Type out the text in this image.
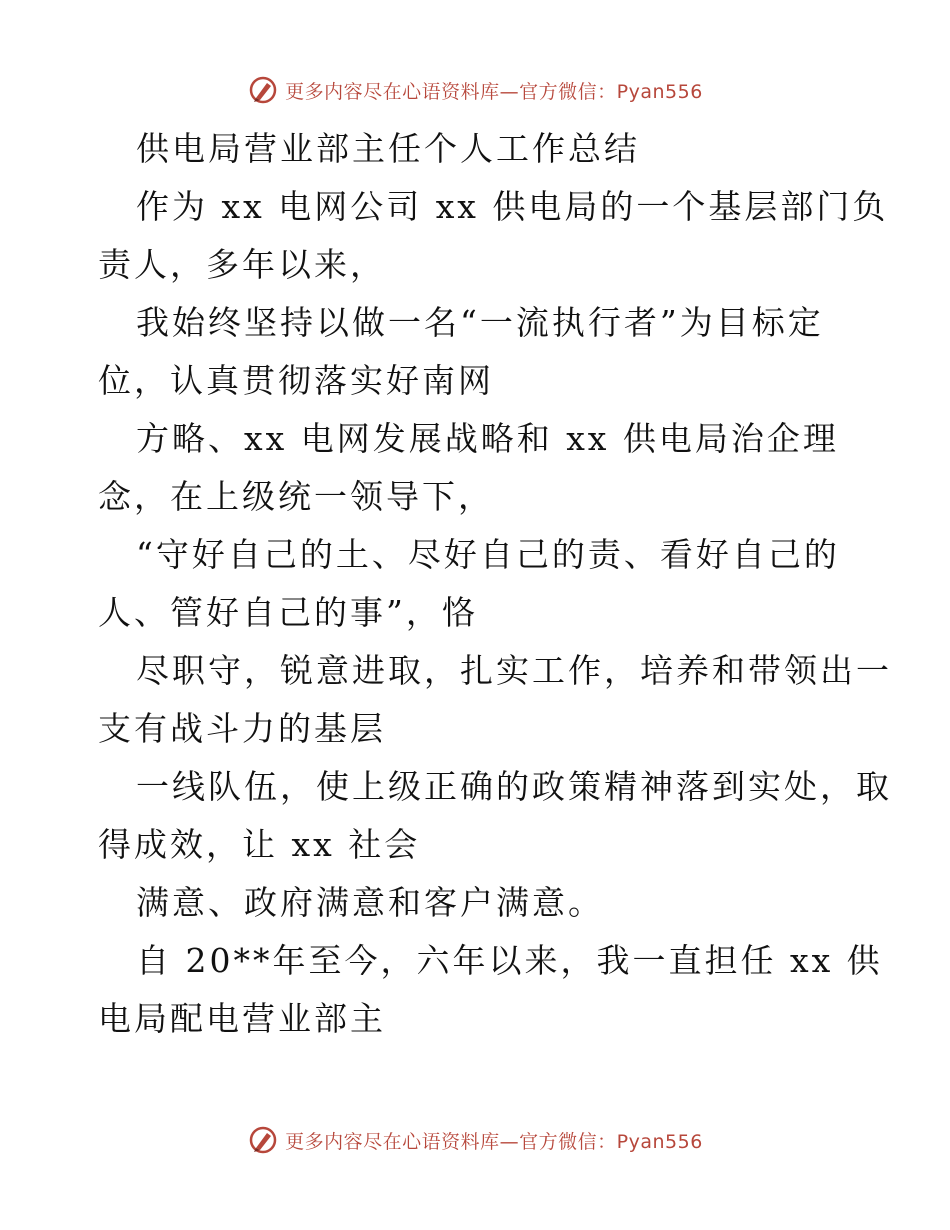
更多内容尽在心语资料库—官方微信：Pyan556
供电局营业部主任个人工作总结
作为 xx 电网公司 xx 供电局的一个基层部门负
责人，多年以来，
我始终坚持以做一名“一流执行者”为目标定
位，认真贯彻落实好南网
方略、xx 电网发展战略和 xx 供电局治企理
念，在上级统一领导下，
“守好自己的土、尽好自己的责、看好自己的
人、管好自己的事”，恪
尽职守，锐意进取，扎实工作，培养和带领出一
支有战斗力的基层
一线队伍，使上级正确的政策精神落到实处，取
得成效，让 xx 社会
满意、政府满意和客户满意。
自 20**年至今，六年以来，我一直担任 xx 供
电局配电营业部主
更多内容尽在心语资料库—官方微信：Pyan556
